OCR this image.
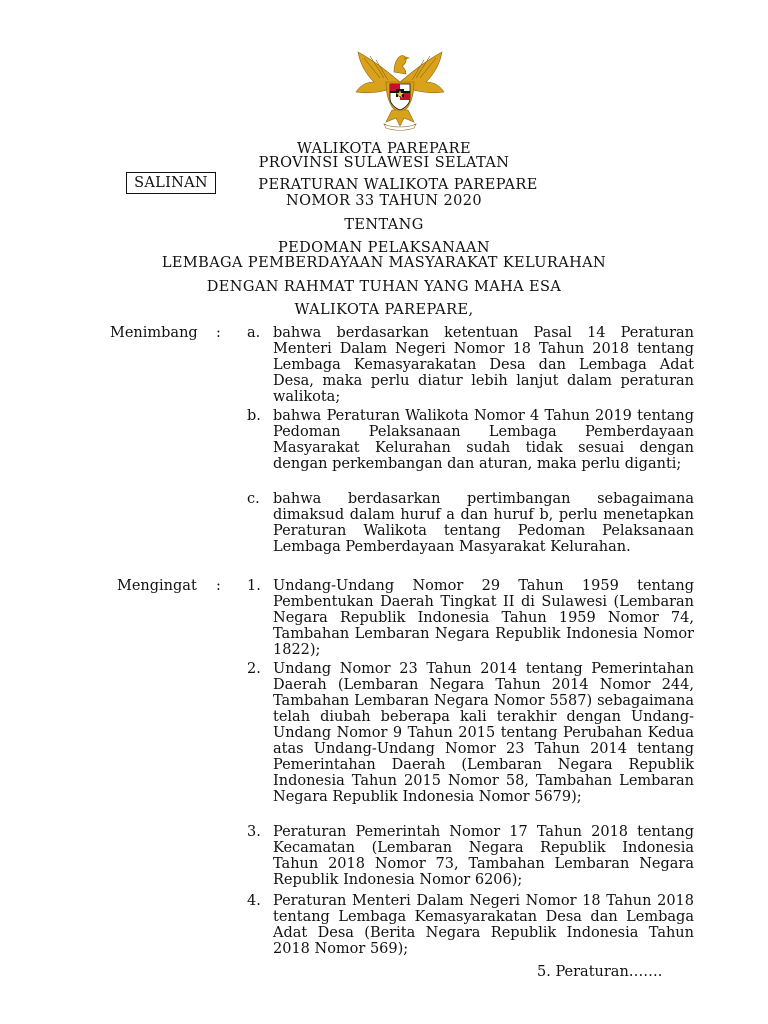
WALIKOTA PAREPARE
PROVINSI SULAWESI SELATAN
SALINAN	PERATURAN WALIKOTA PAREPARE
NOMOR 33 TAHUN 2020
TENTANG
PEDOMAN PELAKSANAAN
LEMBAGA PEMBERDAYAAN MASYARAKAT KELURAHAN
DENGAN RAHMAT TUHAN YANG MAHA ESA
WALIKOTA PAREPARE,
Menimbang : a. bahwa berdasarkan ketentuan Pasal 14 Peraturan Menteri Dalam Negeri Nomor 18 Tahun 2018 tentang Lembaga Kemasyarakatan Desa dan Lembaga Adat Desa, maka perlu diatur lebih lanjut dalam peraturan walikota;
b. bahwa Peraturan Walikota Nomor 4 Tahun 2019 tentang Pedoman Pelaksanaan Lembaga Pemberdayaan Masyarakat Kelurahan sudah tidak sesuai dengan dengan perkembangan dan aturan, maka perlu diganti;
c. bahwa berdasarkan pertimbangan sebagaimana dimaksud dalam huruf a dan huruf b, perlu menetapkan Peraturan Walikota tentang Pedoman Pelaksanaan Lembaga Pemberdayaan Masyarakat Kelurahan.
Mengingat : 1. Undang-Undang Nomor 29 Tahun 1959 tentang Pembentukan Daerah Tingkat II di Sulawesi (Lembaran Negara Republik Indonesia Tahun 1959 Nomor 74, Tambahan Lembaran Negara Republik Indonesia Nomor 1822);
2. Undang Nomor 23 Tahun 2014 tentang Pemerintahan Daerah (Lembaran Negara Tahun 2014 Nomor 244, Tambahan Lembaran Negara Nomor 5587) sebagaimana telah diubah beberapa kali terakhir dengan Undang-Undang Nomor 9 Tahun 2015 tentang Perubahan Kedua atas Undang-Undang Nomor 23 Tahun 2014 tentang Pemerintahan Daerah (Lembaran Negara Republik Indonesia Tahun 2015 Nomor 58, Tambahan Lembaran Negara Republik Indonesia Nomor 5679);
3. Peraturan Pemerintah Nomor 17 Tahun 2018 tentang Kecamatan (Lembaran Negara Republik Indonesia Tahun 2018 Nomor 73, Tambahan Lembaran Negara Republik Indonesia Nomor 6206);
4. Peraturan Menteri Dalam Negeri Nomor 18 Tahun 2018 tentang Lembaga Kemasyarakatan Desa dan Lembaga Adat Desa (Berita Negara Republik Indonesia Tahun 2018 Nomor 569);
5. Peraturan…….
